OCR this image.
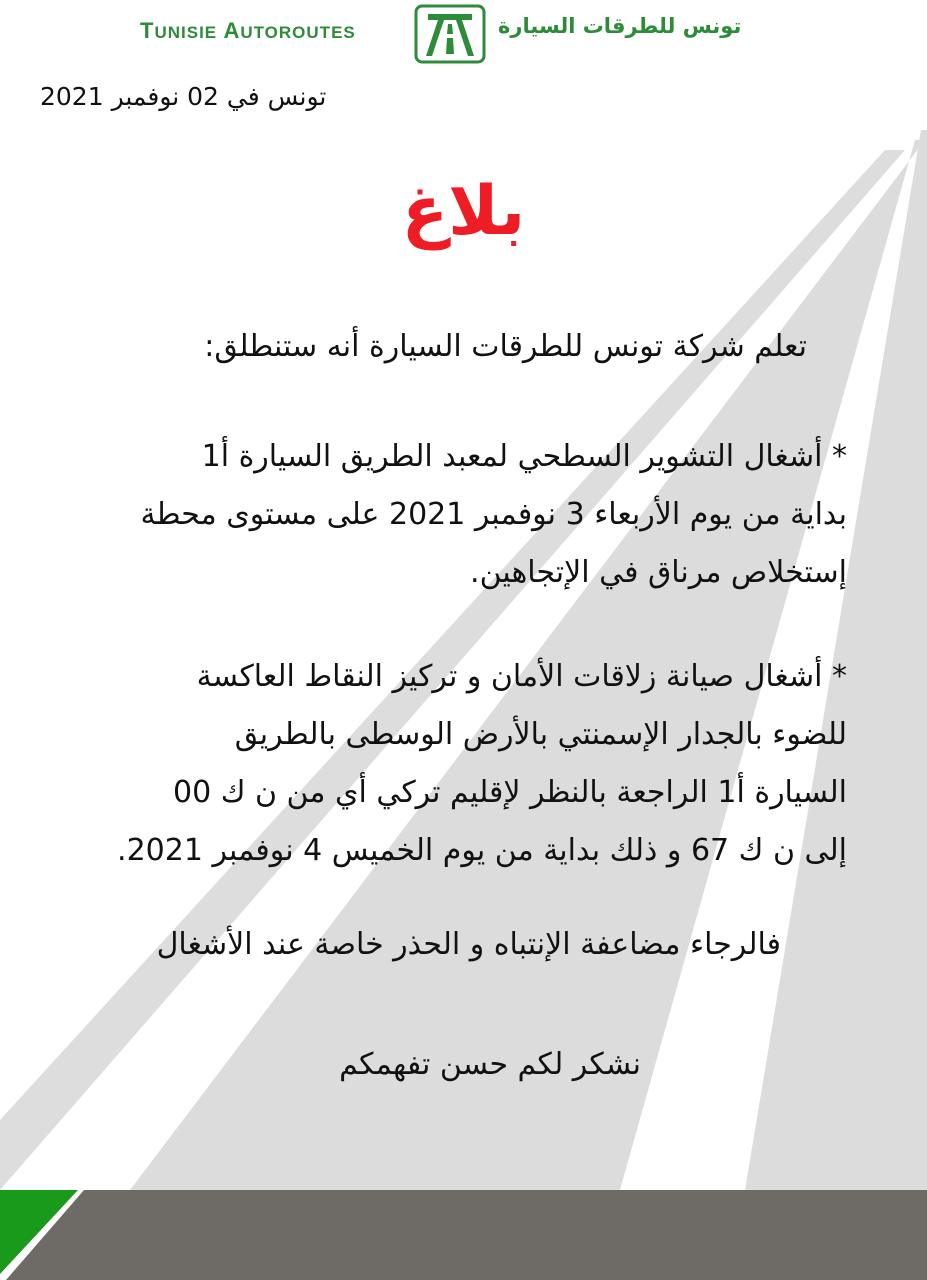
TUNISIE AUTOROUTES	تونس للطرقات السيارة
تونس في 02 نوفمبر 2021
بلاغ
تعلم شركة تونس للطرقات السيارة أنه ستنطلق:
* أشغال التشوير السطحي لمعبد الطريق السيارة أ1
بداية من يوم الأربعاء 3 نوفمبر 2021 على مستوى محطة
إستخلاص مرناق في الإتجاهين.
* أشغال صيانة زلاقات الأمان و تركيز النقاط العاكسة
للضوء بالجدار الإسمنتي بالأرض الوسطى بالطريق
السيارة أ1 الراجعة بالنظر لإقليم تركي أي من ن ك 00
إلى ن ك 67 و ذلك بداية من يوم الخميس 4 نوفمبر 2021.
فالرجاء مضاعفة الإنتباه و الحذر خاصة عند الأشغال
نشكر لكم حسن تفهمكم
